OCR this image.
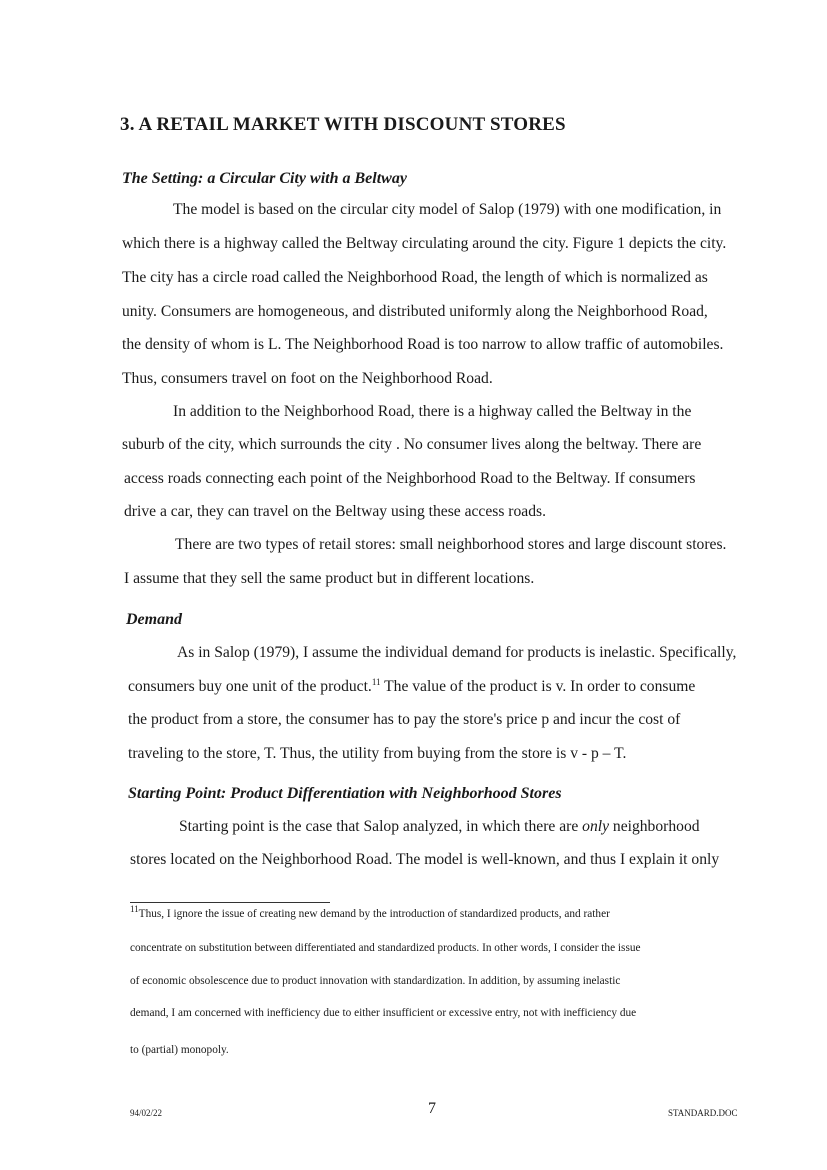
3. A RETAIL MARKET WITH DISCOUNT STORES
The Setting: a Circular City with a Beltway
The model is based on the circular city model of Salop (1979) with one modification, in
which there is a highway called the Beltway circulating around the city. Figure 1 depicts the city.
The city has a circle road called the Neighborhood Road, the length of which is normalized as
unity. Consumers are homogeneous, and distributed uniformly along the Neighborhood Road,
the density of whom is L. The Neighborhood Road is too narrow to allow traffic of automobiles.
Thus, consumers travel on foot on the Neighborhood Road.
In addition to the Neighborhood Road, there is a highway called the Beltway in the
suburb of the city, which surrounds the city . No consumer lives along the beltway. There are
access roads connecting each point of the Neighborhood Road to the Beltway. If consumers
drive a car, they can travel on the Beltway using these access roads.
There are two types of retail stores: small neighborhood stores and large discount stores.
I assume that they sell the same product but in different locations.
Demand
As in Salop (1979), I assume the individual demand for products is inelastic. Specifically,
consumers buy one unit of the product.$^{11}$ The value of the product is v. In order to consume
the product from a store, the consumer has to pay the store's price p and incur the cost of
traveling to the store, T. Thus, the utility from buying from the store is v - p – T.
Starting Point: Product Differentiation with Neighborhood Stores
Starting point is the case that Salop analyzed, in which there are only neighborhood
stores located on the Neighborhood Road. The model is well-known, and thus I explain it only
$^{11}$Thus, I ignore the issue of creating new demand by the introduction of standardized products, and rather
concentrate on substitution between differentiated and standardized products. In other words, I consider the issue
of economic obsolescence due to product innovation with standardization. In addition, by assuming inelastic
demand, I am concerned with inefficiency due to either insufficient or excessive entry, not with inefficiency due
to (partial) monopoly.
94/02/22	7	STANDARD.DOC
